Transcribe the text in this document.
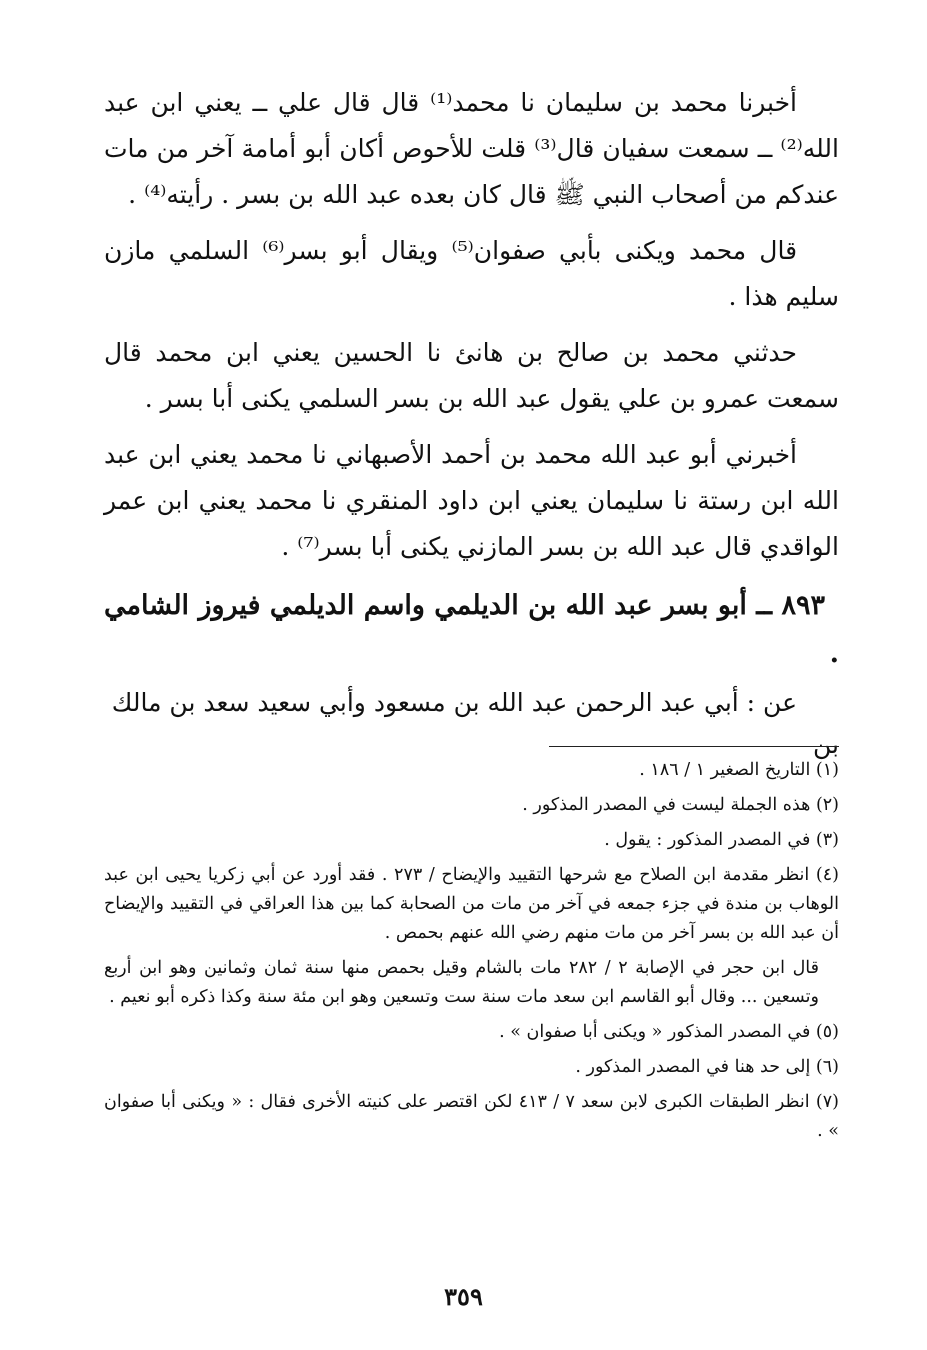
أخبرنا محمد بن سليمان نا محمد⁽¹⁾ قال قال علي ــ يعني ابن عبد الله⁽²⁾ ــ سمعت سفيان قال⁽³⁾ قلت للأحوص أكان أبو أمامة آخر من مات عندكم من أصحاب النبي ﷺ قال كان بعده عبد الله بن بسر . رأيته⁽⁴⁾ .

قال محمد ويكنى بأبي صفوان⁽⁵⁾ ويقال أبو بسر⁽⁶⁾ السلمي مازن سليم هذا .

حدثني محمد بن صالح بن هانئ نا الحسين يعني ابن محمد قال سمعت عمرو بن علي يقول عبد الله بن بسر السلمي يكنى أبا بسر .

أخبرني أبو عبد الله محمد بن أحمد الأصبهاني نا محمد يعني ابن عبد الله ابن رستة نا سليمان يعني ابن داود المنقري نا محمد يعني ابن عمر الواقدي قال عبد الله بن بسر المازني يكنى أبا بسر⁽⁷⁾ .

٨٩٣ ــ أبو بسر عبد الله بن الديلمي واسم الديلمي فيروز الشامي .

عن : أبي عبد الرحمن عبد الله بن مسعود وأبي سعيد سعد بن مالك بن

(١) التاريخ الصغير ١ / ١٨٦ .

(٢) هذه الجملة ليست في المصدر المذكور .

(٣) في المصدر المذكور : يقول .

(٤) انظر مقدمة ابن الصلاح مع شرحها التقييد والإيضاح / ٢٧٣ . فقد أورد عن أبي زكريا يحيى ابن عبد الوهاب بن مندة في جزء جمعه في آخر من مات من الصحابة كما بين هذا العراقي في التقييد والإيضاح أن عبد الله بن بسر آخر من مات منهم رضي الله عنهم بحمص .

قال ابن حجر في الإصابة ٢ / ٢٨٢ مات بالشام وقيل بحمص منها سنة ثمان وثمانين وهو ابن أربع وتسعين ... وقال أبو القاسم ابن سعد مات سنة ست وتسعين وهو ابن مئة سنة وكذا ذكره أبو نعيم .

(٥) في المصدر المذكور « ويكنى أبا صفوان » .

(٦) إلى حد هنا في المصدر المذكور .

(٧) انظر الطبقات الكبرى لابن سعد ٧ / ٤١٣ لكن اقتصر على كنيته الأخرى فقال : « ويكنى أبا صفوان » .

٣٥٩
